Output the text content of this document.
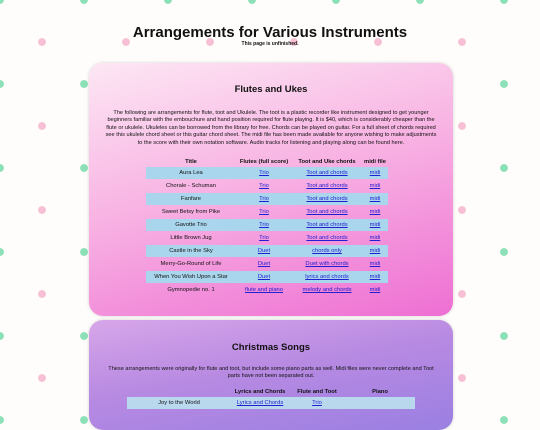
Arrangements for Various Instruments
This page is unfinished.
Flutes and Ukes

The following are arrangements for flute, toot and Ukulele. The toot is a plastic recorder like instrument designed to get younger beginners familiar with the embouchure and hand position required for flute playing. It is $40, which is considerably cheaper than the flute or ukulele. Ukuleles can be borrowed from the library for free. Chords can be played on guitar. For a full sheet of chords required see this ukulele chord sheet or this guitar chord sheet. The midi file has been made available for anyone wishing to make adjustments to the score with their own notation software. Audio tracks for listening and playing along can be found here.

Title	Flutes (full score)	Toot and Uke chords	midi file
Aura Lea	Trio	Toot and chords	midi
Chorale - Schuman	Trio	Toot and chords	midi
Fanfare	Trio	Toot and chords	midi
Sweet Betsy from Pike	Trio	Toot and chords	midi
Gavotte Trio	Trio	Toot and chords	midi
Little Brown Jug	Trio	Toot and chords	midi
Castle in the Sky	Duet	chords only	midi
Merry-Go-Round of Life	Duet	Duet with chords	midi
When You Wish Upon a Star	Duet	lyrics and chords	midi
Gymnopedie no. 1	flute and piano	melody and chords	midi
Christmas Songs

These arrangements were originally for flute and toot, but include some piano parts as well. Midi files were never complete and Toot parts have not been separated out.

	Lyrics and Chords	Flute and Toot	Piano
Joy to the World	Lyrics and Chords	Trio	
